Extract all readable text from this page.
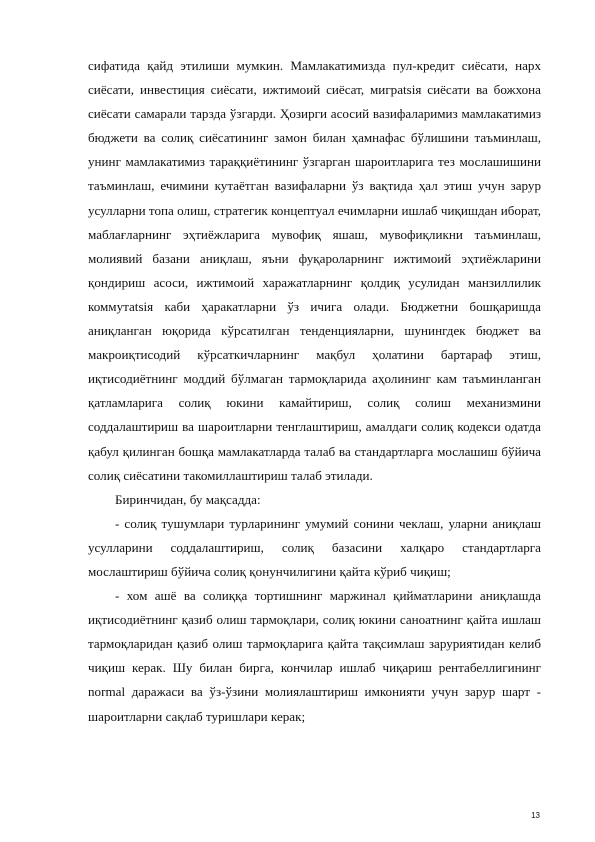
сифатида қайд этилиши мумкин. Мамлакатимизда пул-кредит сиёсати, нарх сиёсати, инвестиция сиёсати, ижтимоий сиёсат, миграtsiя сиёсати ва божхона сиёсати самарали тарзда ўзгарди. Ҳозирги асосий вазифаларимиз мамлакатимиз бюджети ва солиқ сиёсатининг замон билан ҳамнафас бўлишини таъминлаш, унинг мамлакатимиз тараққиётининг ўзгарган шароитларига тез мослашишини таъминлаш, ечимини кутаётган вазифаларни ўз вақтида ҳал этиш учун зарур усулларни топа олиш, стратегик концептуал ечимларни ишлаб чиқишдан иборат, маблағларнинг эҳтиёжларига мувофиқ яшаш, мувофиқликни таъминлаш, молиявий базани аниқлаш, яъни фуқароларнинг ижтимоий эҳтиёжларини қондириш асоси, ижтимоий харажатларнинг қолдиқ усулидан манзиллилик коммутаtsiя каби ҳаракатларни ўз ичига олади. Бюджетни бошқаришда аниқланган юқорида кўрсатилган тенденцияларни, шунингдек бюджет ва макроиқтисодий кўрсаткичларнинг мақбул ҳолатини бартараф этиш, иқтисодиётнинг моддий бўлмаган тармоқларида аҳолининг кам таъминланган қатламларига солиқ юкини камайтириш, солиқ солиш механизмини соддалаштириш ва шароитларни тенглаштириш, амалдаги солиқ кодекси одатда қабул қилинган бошқа мамлакатларда талаб ва стандартларга мослашиш бўйича солиқ сиёсатини такомиллаштириш талаб этилади.

Биринчидан, бу мақсадда:

- солиқ тушумлари турларининг умумий сонини чеклаш, уларни аниқлаш усулларини соддалаштириш, солиқ базасини халқаро стандартларга мослаштириш бўйича солиқ қонунчилигини қайта кўриб чиқиш;

- хом ашё ва солиққа тортишнинг маржинал қийматларини аниқлашда иқтисодиётнинг қазиб олиш тармоқлари, солиқ юкини саноатнинг қайта ишлаш тармоқларидан қазиб олиш тармоқларига қайта тақсимлаш заруриятидан келиб чиқиш керак. Шу билан бирга, кончилар ишлаб чиқариш рентабеллигининг normal даражаси ва ўз-ўзини молиялаштириш имконияти учун зарур шарт - шароитларни сақлаб туришлари керак;

13
